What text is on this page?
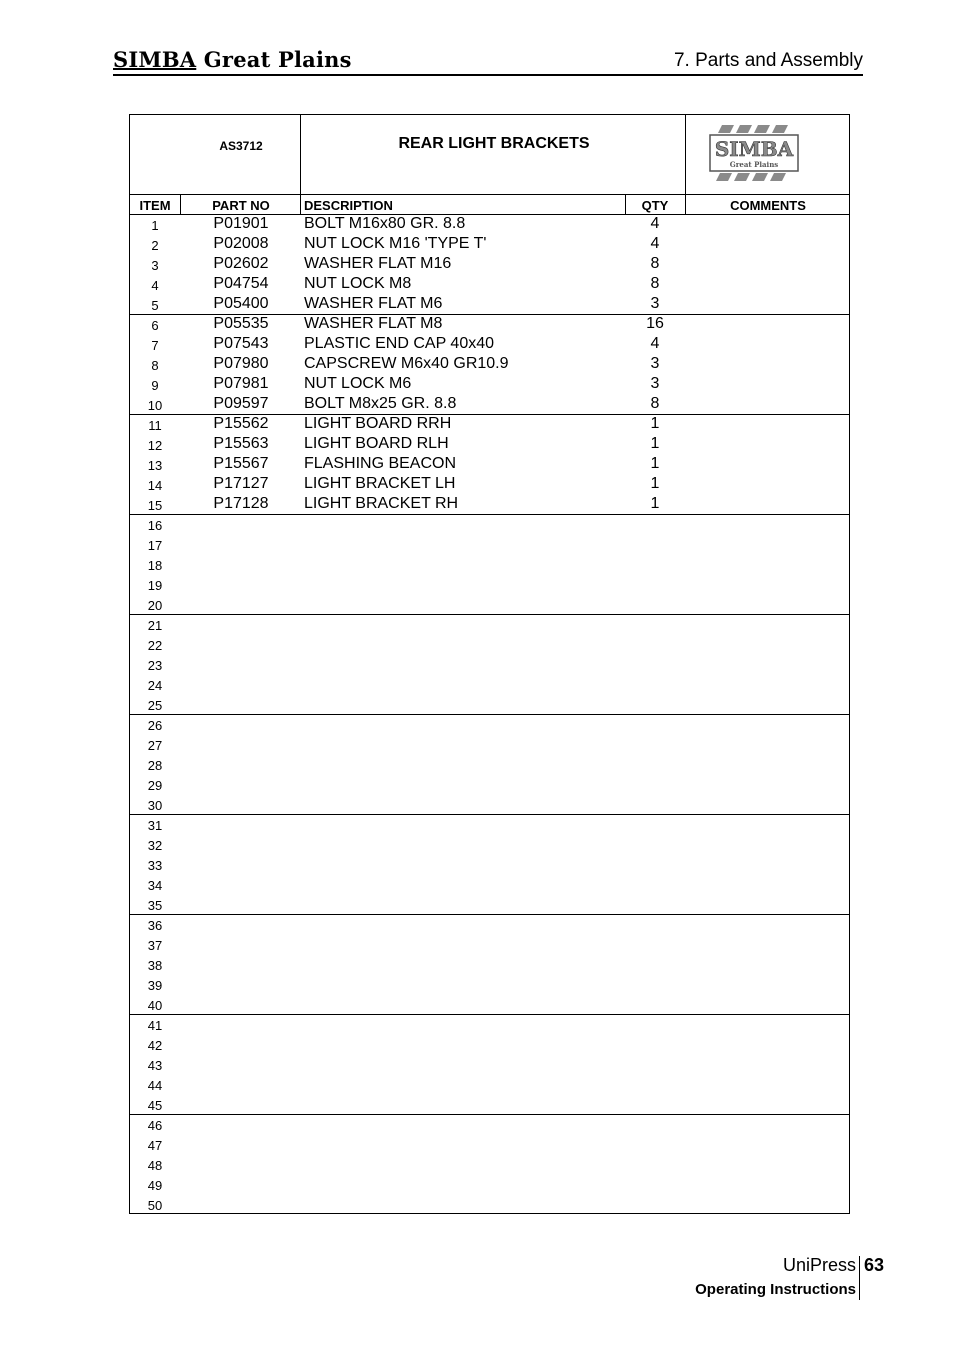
SIMBA Great Plains	7. Parts and Assembly
AS3712	REAR LIGHT BRACKETS	SIMBA
Great Plains
ITEM	PART NO	DESCRIPTION	QTY	COMMENTS
1	P01901	BOLT M16x80 GR. 8.8	4
2	P02008	NUT LOCK M16 'TYPE T'	4
3	P02602	WASHER FLAT M16	8
4	P04754	NUT LOCK M8	8
5	P05400	WASHER FLAT M6	3
6	P05535	WASHER FLAT M8	16
7	P07543	PLASTIC END CAP 40x40	4
8	P07980	CAPSCREW M6x40 GR10.9	3
9	P07981	NUT LOCK M6	3
10	P09597	BOLT M8x25 GR. 8.8	8
11	P15562	LIGHT BOARD RRH	1
12	P15563	LIGHT BOARD RLH	1
13	P15567	FLASHING BEACON	1
14	P17127	LIGHT BRACKET LH	1
15	P17128	LIGHT BRACKET RH	1
16
17
18
19
20
21
22
23
24
25
26
27
28
29
30
31
32
33
34
35
36
37
38
39
40
41
42
43
44
45
46
47
48
49
50
UniPress 63
Operating Instructions
